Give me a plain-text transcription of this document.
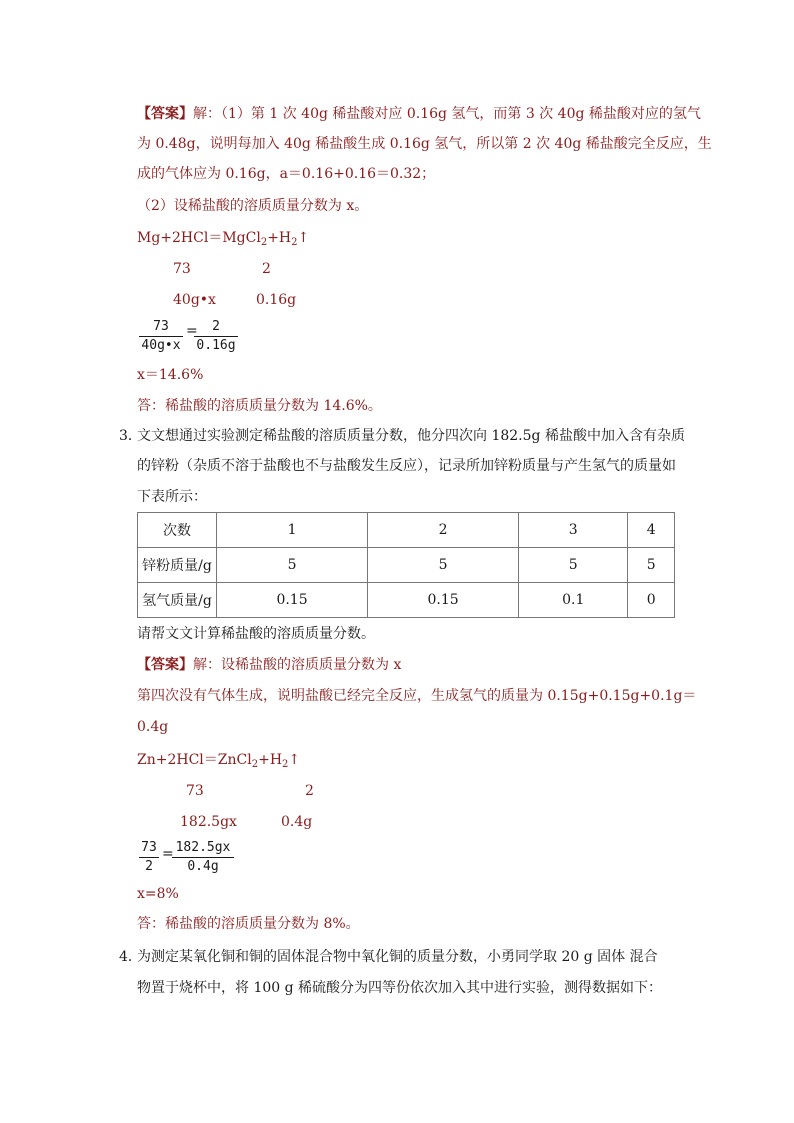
【答案】解：（1）第 1 次 40g 稀盐酸对应 0.16g 氢气，而第 3 次 40g 稀盐酸对应的氢气
为 0.48g，说明每加入 40g 稀盐酸生成 0.16g 氢气，所以第 2 次 40g 稀盐酸完全反应，生
成的气体应为 0.16g，a＝0.16+0.16＝0.32；
（2）设稀盐酸的溶质质量分数为 x。
$Mg+2HCl=MgCl_2+H_2↑$
73	2
40g•x	0.16g
73
40g•x
=	2
0.16g
x＝14.6%
答：稀盐酸的溶质质量分数为 14.6%。
3．
文文想通过实验测定稀盐酸的溶质质量分数，他分四次向 182.5g 稀盐酸中加入含有杂质
的锌粉（杂质不溶于盐酸也不与盐酸发生反应），记录所加锌粉质量与产生氢气的质量如
下表所示：
次数	1	2	3	4
锌粉质量/g	5	5	5	5
氢气质量/g	0.15	0.15	0.1	0
请帮文文计算稀盐酸的溶质质量分数。
【答案】解：设稀盐酸的溶质质量分数为 x
第四次没有气体生成，说明盐酸已经完全反应，生成氢气的质量为 0.15g+0.15g+0.1g＝
0.4g
$Zn+2HCl=ZnCl_2+H_2↑$
73	2
182.5gx	0.4g
73
2
= 182.5gx
0.4g
x=8%
答：稀盐酸的溶质质量分数为 8%。
4．
为测定某氧化铜和铜的固体混合物中氧化铜的质量分数，小勇同学取 20 g 固体 混合
物置于烧杯中，将 100 g 稀硫酸分为四等份依次加入其中进行实验，测得数据如下：
